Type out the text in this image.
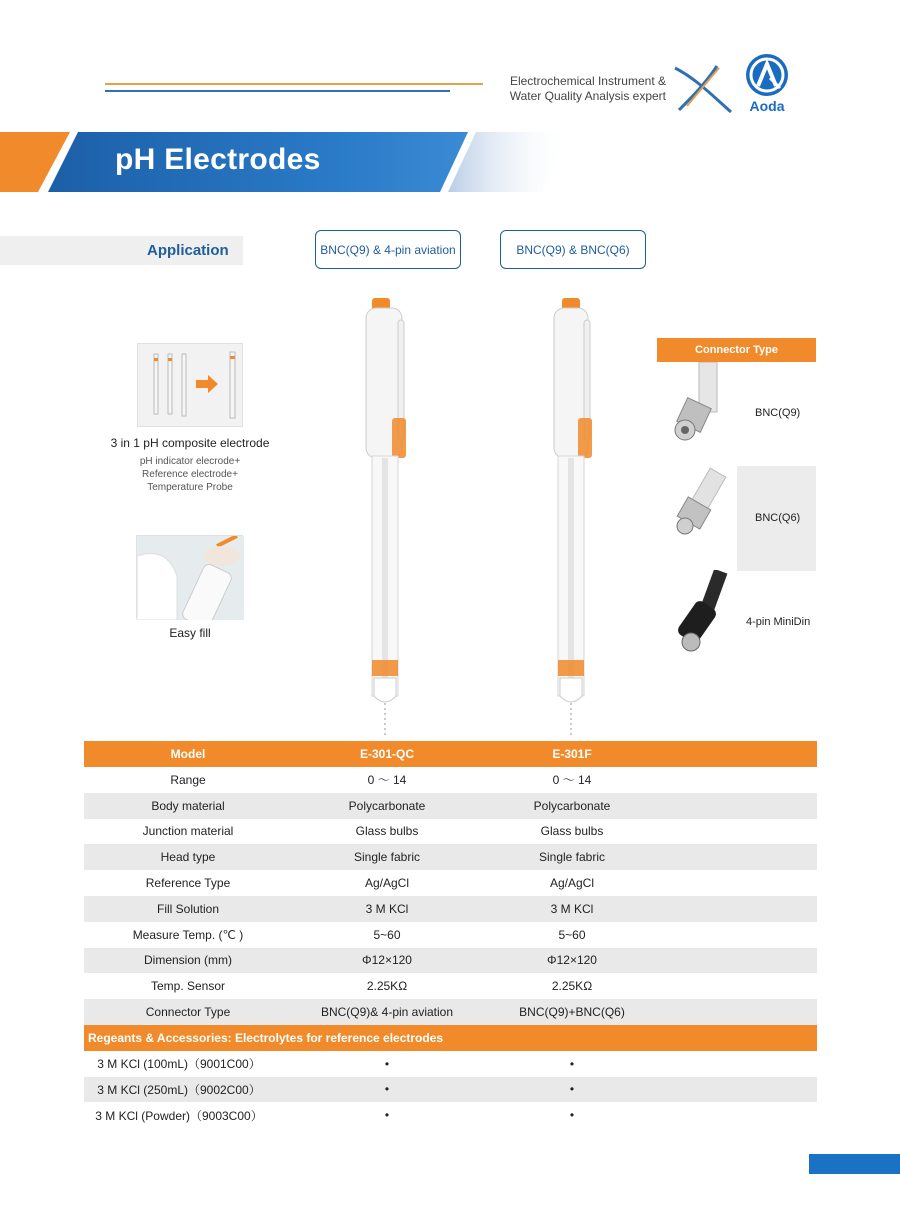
Electrochemical Instrument &
Water Quality Analysis expert
Aoda
pH Electrodes
Application	BNC(Q9) & 4-pin aviation	BNC(Q9) & BNC(Q6)
3 in 1 pH composite electrode
pH indicator elecrode+
Reference electrode+
Temperature Probe
Easy fill
Connector Type
BNC(Q9)
BNC(Q6)
4-pin MiniDin
Model	E-301-QC	E-301F
Range	0 ～ 14	0 ～ 14
Body material	Polycarbonate	Polycarbonate
Junction material	Glass bulbs	Glass bulbs
Head type	Single fabric	Single fabric
Reference Type	Ag/AgCl	Ag/AgCl
Fill Solution	3 M KCl	3 M KCl
Measure Temp. (℃ )	5~60	5~60
Dimension (mm)	Φ12×120	Φ12×120
Temp. Sensor	2.25KΩ	2.25KΩ
Connector Type	BNC(Q9)& 4-pin aviation	BNC(Q9)+BNC(Q6)
Regeants & Accessories: Electrolytes for reference electrodes
3 M KCl (100mL)（9001C00）	•	•
3 M KCl (250mL)（9002C00）	•	•
3 M KCl (Powder)（9003C00）	•	•
